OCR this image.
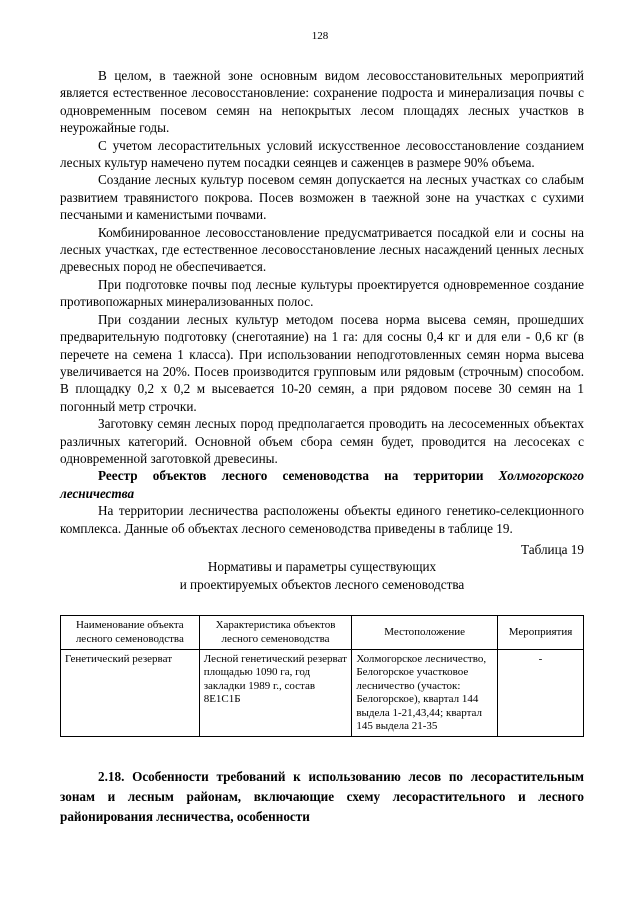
128

В целом, в таежной зоне основным видом лесовосстановительных мероприятий является естественное лесовосстановление: сохранение подроста и минерализация почвы с одновременным посевом семян на непокрытых лесом площадях лесных участков в неурожайные годы.

С учетом лесорастительных условий искусственное лесовосстановление созданием лесных культур намечено путем посадки сеянцев и саженцев в размере 90% объема.

Создание лесных культур посевом семян допускается на лесных участках со слабым развитием травянистого покрова. Посев возможен в таежной зоне на участках с сухими песчаными и каменистыми почвами.

Комбинированное лесовосстановление предусматривается посадкой ели и сосны на лесных участках, где естественное лесовосстановление лесных насаждений ценных лесных древесных пород не обеспечивается.

При подготовке почвы под лесные культуры проектируется одновременное создание противопожарных минерализованных полос.

При создании лесных культур методом посева норма высева семян, прошедших предварительную подготовку (снеготаяние) на 1 га: для сосны 0,4 кг и для ели - 0,6 кг (в перечете на семена 1 класса). При использовании неподготовленных семян норма высева увеличивается на 20%. Посев производится групповым или рядовым (строчным) способом. В площадку 0,2 х 0,2 м высевается 10-20 семян, а при рядовом посеве 30 семян на 1 погонный метр строчки.

Заготовку семян лесных пород предполагается проводить на лесосеменных объектах различных категорий. Основной объем сбора семян будет, проводится на лесосеках с одновременной заготовкой древесины.

Реестр объектов лесного семеноводства на территории Холмогорского лесничества

На территории лесничества расположены объекты единого генетико-селекционного комплекса. Данные об объектах лесного семеноводства приведены в таблице 19.

Таблица 19

Нормативы и параметры существующих

и проектируемых объектов лесного семеноводства

Наименование объекта лесного семеноводства	Характеристика объектов лесного семеноводства	Местоположение	Мероприятия
Генетический резерват	Лесной генетический резерват площадью 1090 га, год закладки 1989 г., состав 8Е1С1Б	Холмогорское лесничество, Белогорское участковое лесничество (участок: Белогорское), квартал 144 выдела 1-21,43,44; квартал 145 выдела 21-35	-

2.18. Особенности требований к использованию лесов по лесорастительным зонам и лесным районам, включающие схему лесорастительного и лесного районирования лесничества, особенности
